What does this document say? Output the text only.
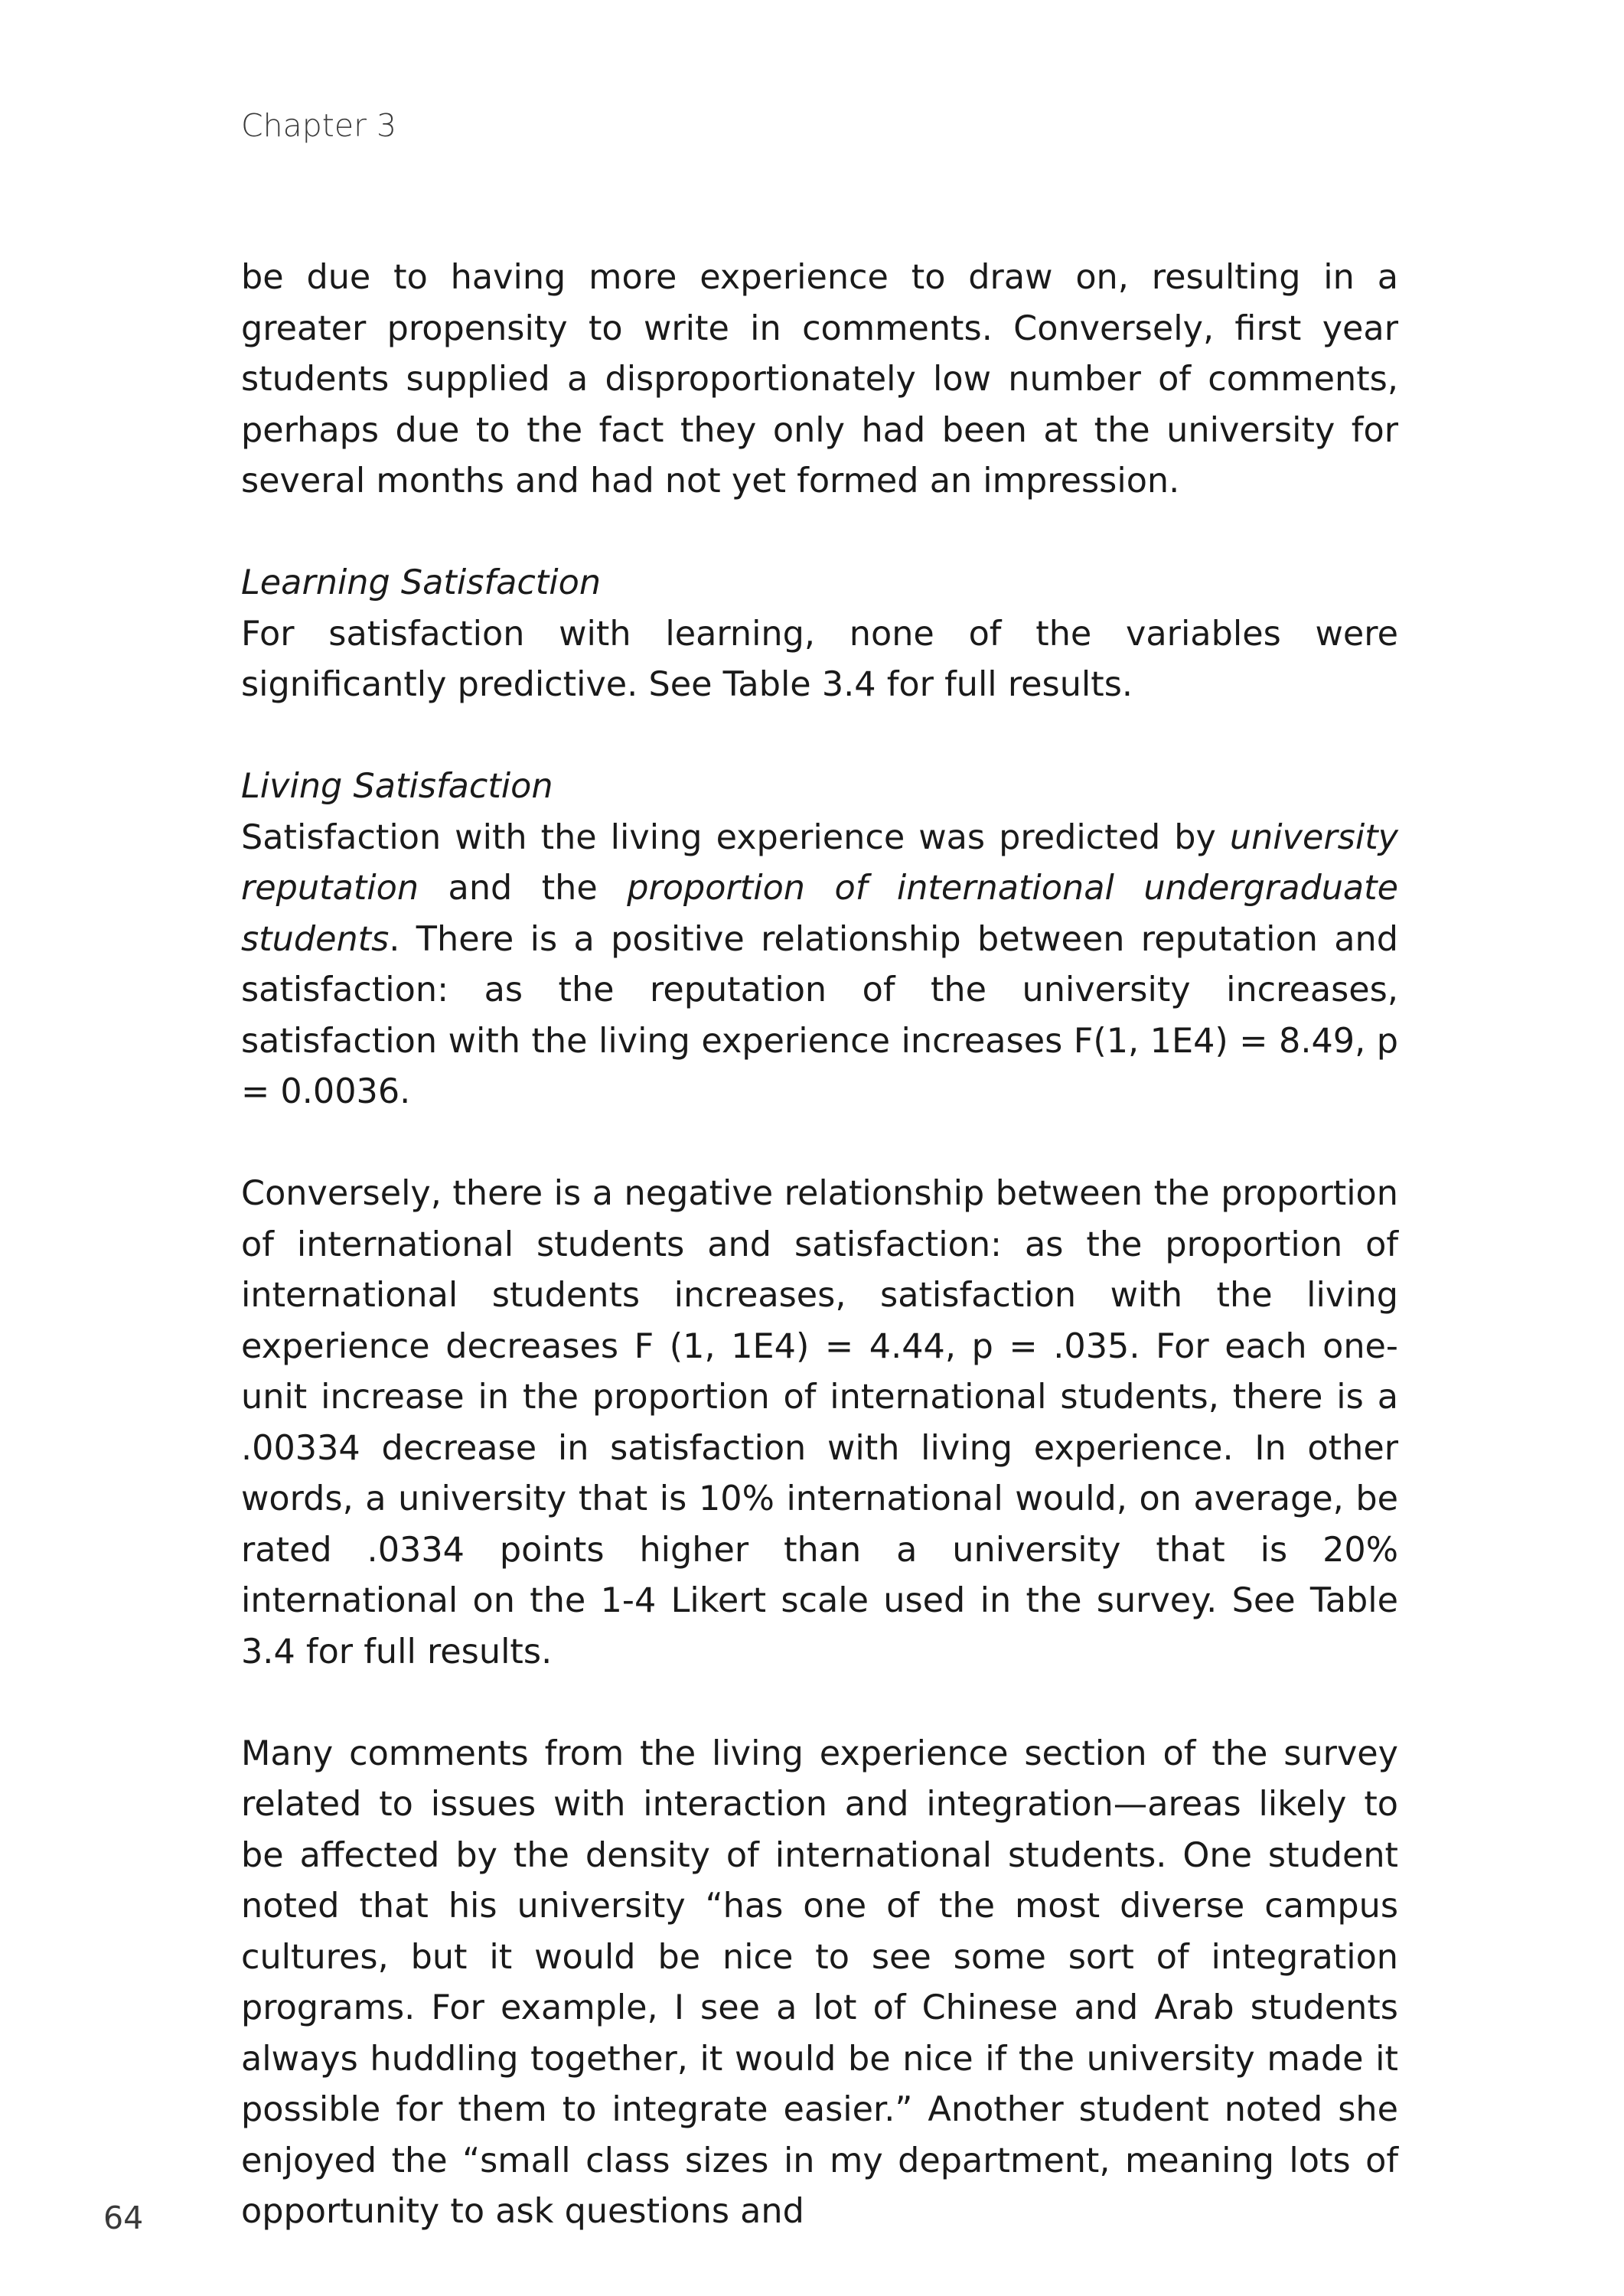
Chapter 3

be due to having more experience to draw on, resulting in a greater propensity to write in comments. Conversely, first year students supplied a disproportionately low number of comments, perhaps due to the fact they only had been at the university for several months and had not yet formed an impression.

Learning Satisfaction
For satisfaction with learning, none of the variables were significantly predictive. See Table 3.4 for full results.

Living Satisfaction
Satisfaction with the living experience was predicted by university reputation and the proportion of international undergraduate students. There is a positive relationship between reputation and satisfaction: as the reputation of the university increases, satisfaction with the living experience increases F(1, 1E4) = 8.49, p = 0.0036.

Conversely, there is a negative relationship between the proportion of international students and satisfaction: as the proportion of international students increases, satisfaction with the living experience decreases F (1, 1E4) = 4.44, p = .035. For each one-unit increase in the proportion of international students, there is a .00334 decrease in satisfaction with living experience. In other words, a university that is 10% international would, on average, be rated .0334 points higher than a university that is 20% international on the 1-4 Likert scale used in the survey. See Table 3.4 for full results.

Many comments from the living experience section of the survey related to issues with interaction and integration—areas likely to be affected by the density of international students. One student noted that his university “has one of the most diverse campus cultures, but it would be nice to see some sort of integration programs. For example, I see a lot of Chinese and Arab students always huddling together, it would be nice if the university made it possible for them to integrate easier.” Another student noted she enjoyed the “small class sizes in my department, meaning lots of opportunity to ask questions and

64
